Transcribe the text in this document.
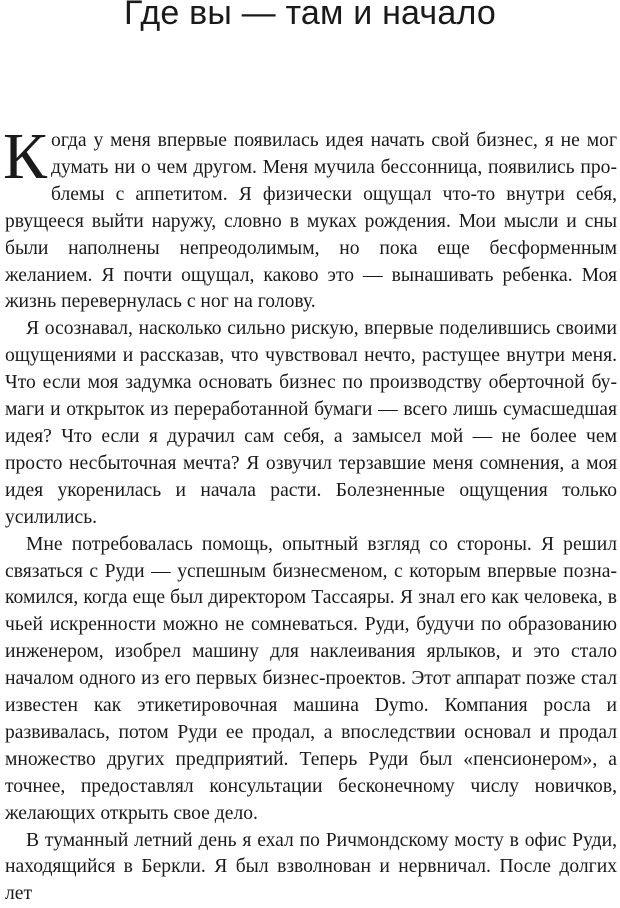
Где вы — там и начало

Когда у меня впервые появилась идея начать свой бизнес, я не мог думать ни о чем другом. Меня мучила бессонница, появились проблемы с аппетитом. Я физически ощущал что-то внутри себя, рвущееся выйти наружу, словно в муках рождения. Мои мысли и сны были наполнены непреодолимым, но пока еще бесформенным желанием. Я почти ощущал, каково это — вынашивать ребенка. Моя жизнь перевернулась с ног на голову.

Я осознавал, насколько сильно рискую, впервые поделившись своими ощущениями и рассказав, что чувствовал нечто, растущее внутри меня. Что если моя задумка основать бизнес по производству оберточной бумаги и открыток из переработанной бумаги — всего лишь сумасшедшая идея? Что если я дурачил сам себя, а замысел мой — не более чем просто несбыточная мечта? Я озвучил терзавшие меня сомнения, а моя идея укоренилась и начала расти. Болезненные ощущения только усилились.

Мне потребовалась помощь, опытный взгляд со стороны. Я решил связаться с Руди — успешным бизнесменом, с которым впервые познакомился, когда еще был директором Тассаяры. Я знал его как человека, в чьей искренности можно не сомневаться. Руди, будучи по образованию инженером, изобрел машину для наклеивания ярлыков, и это стало началом одного из его первых бизнес-проектов. Этот аппарат позже стал известен как этикетировочная машина Dymo. Компания росла и развивалась, потом Руди ее продал, а впоследствии основал и продал множество других предприятий. Теперь Руди был «пенсионером», а точнее, предоставлял консультации бесконечному числу новичков, желающих открыть свое дело.

В туманный летний день я ехал по Ричмондскому мосту в офис Руди, находящийся в Беркли. Я был взволнован и нервничал. После долгих лет
